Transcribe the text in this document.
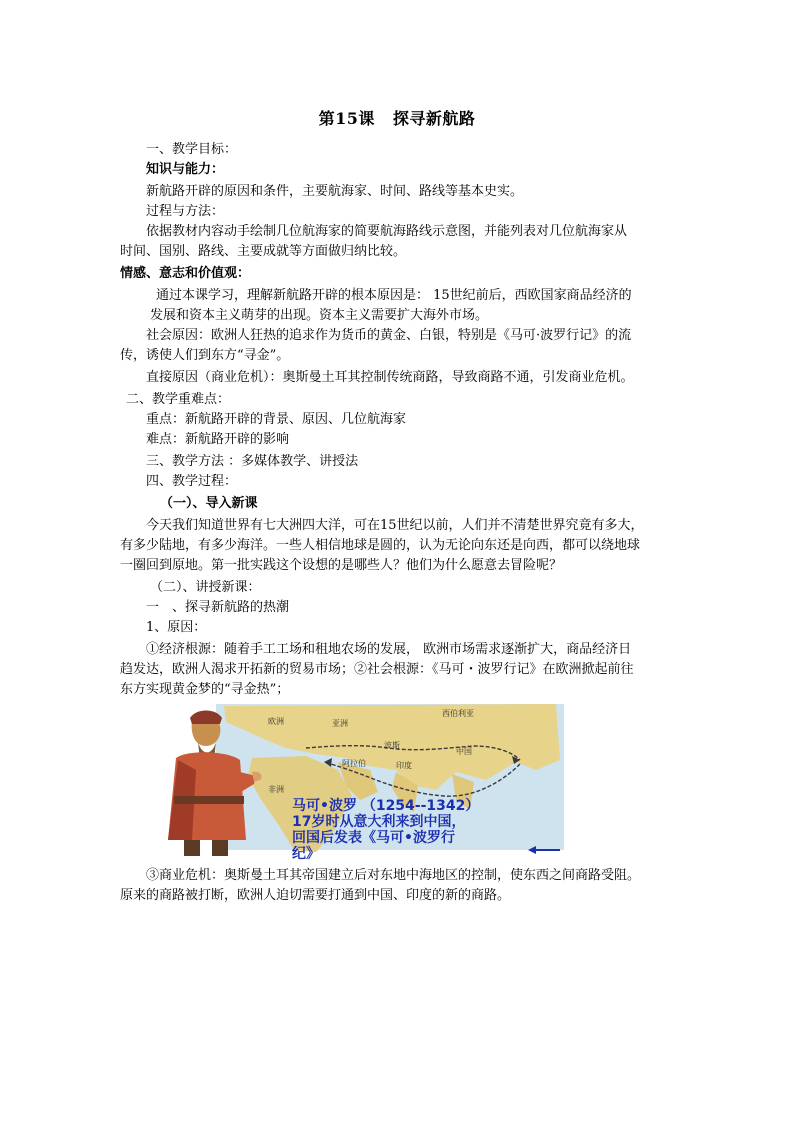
第15课 探寻新航路
一、教学目标：
知识与能力：
新航路开辟的原因和条件，主要航海家、时间、路线等基本史实。
过程与方法：
依据教材内容动手绘制几位航海家的简要航海路线示意图，并能列表对几位航海家从
时间、国别、路线、主要成就等方面做归纳比较。
情感、意志和价值观：
通过本课学习，理解新航路开辟的根本原因是： 15世纪前后，西欧国家商品经济的
发展和资本主义萌芽的出现。资本主义需要扩大海外市场。
社会原因：欧洲人狂热的追求作为货币的黄金、白银，特别是《马可·波罗行记》的流
传，诱使人们到东方“寻金”。
直接原因（商业危机）：奥斯曼土耳其控制传统商路，导致商路不通，引发商业危机。
二、教学重难点：
重点：新航路开辟的背景、原因、几位航海家
难点：新航路开辟的影响
三、教学方法 ：多媒体教学、讲授法
四、教学过程：
（一）、导入新课
今天我们知道世界有七大洲四大洋，可在15世纪以前，人们并不清楚世界究竟有多大，
有多少陆地，有多少海洋。一些人相信地球是圆的，认为无论向东还是向西，都可以绕地球
一圈回到原地。第一批实践这个设想的是哪些人？他们为什么愿意去冒险呢？
（二）、讲授新课：
一　、探寻新航路的热潮
1、原因：
①经济根源：随着手工工场和租地农场的发展， 欧洲市场需求逐渐扩大，商品经济日
趋发达，欧洲人渴求开拓新的贸易市场；②社会根源：《马可・波罗行记》在欧洲掀起前往
东方实现黄金梦的“寻金热”；
③商业危机：奥斯曼土耳其帝国建立后对东地中海地区的控制，使东西之间商路受阻。
原来的商路被打断，欧洲人迫切需要打通到中国、印度的新的商路。
欧洲	亚洲
非洲
阿拉伯	印度
中国
西伯利亚
波斯
马可•波罗 （1254--1342）
17岁时从意大利来到中国，
回国后发表《马可•波罗行
纪》
